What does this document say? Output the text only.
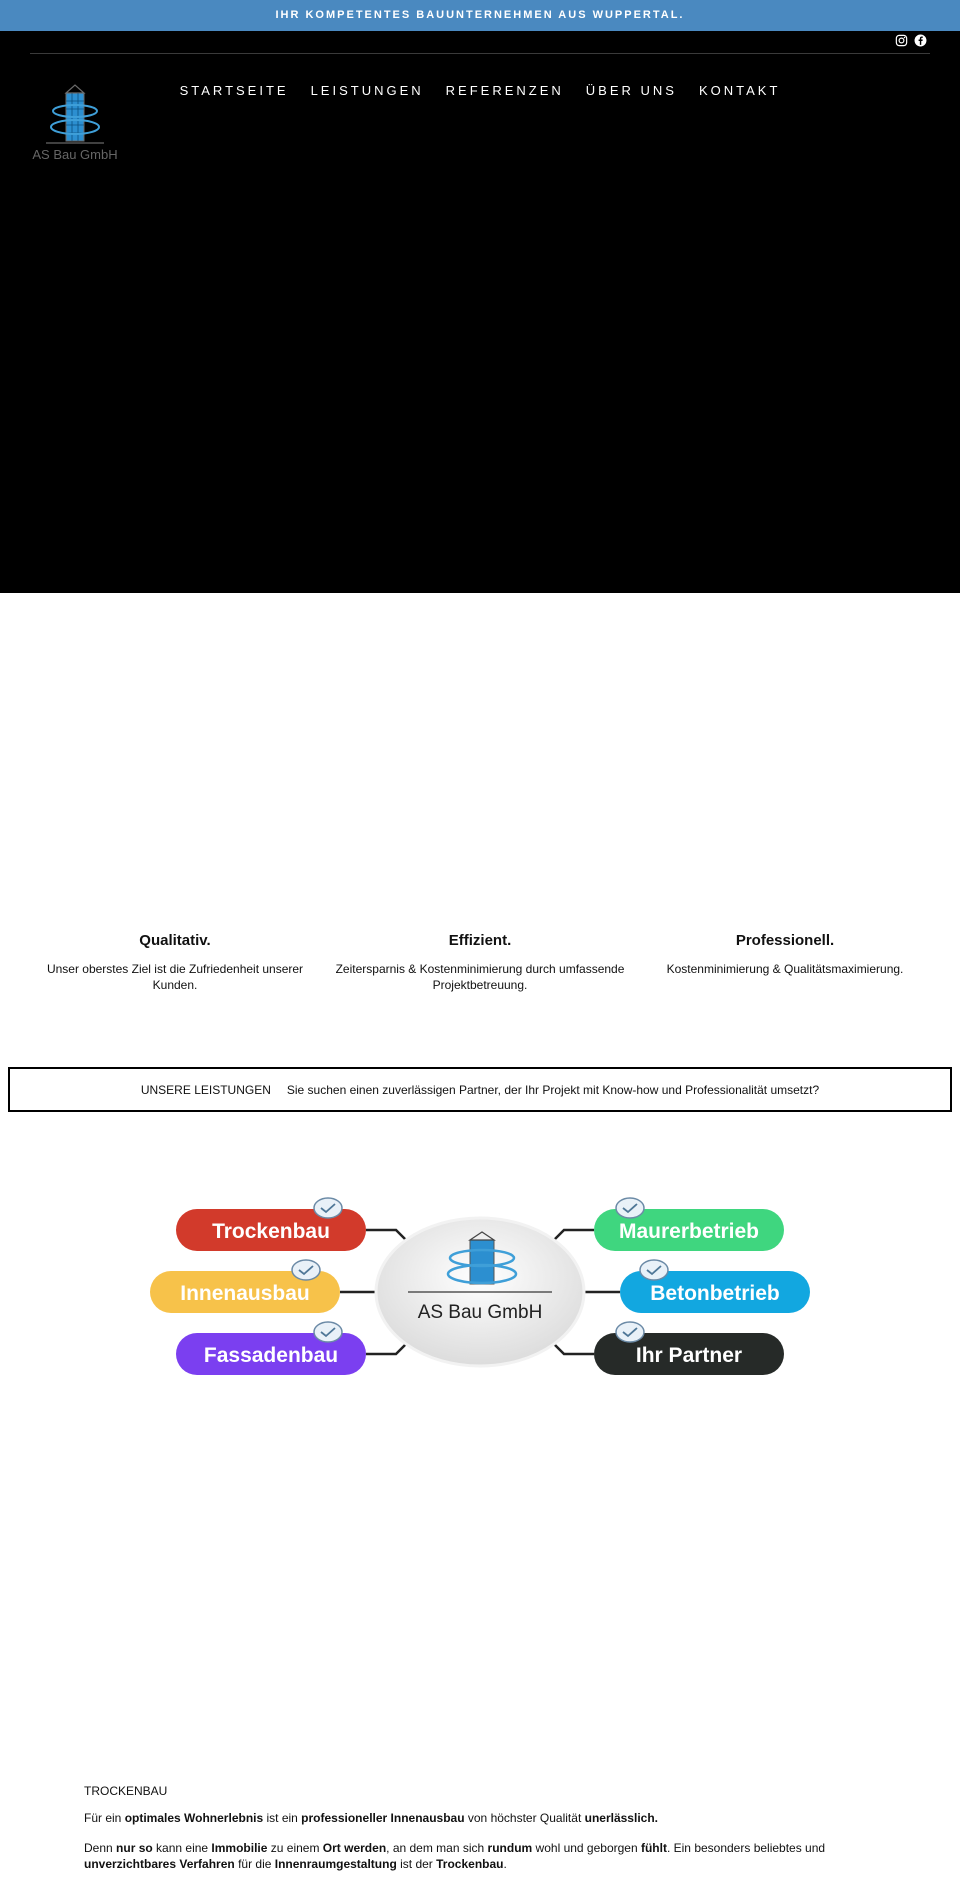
IHR KOMPETENTES BAUUNTERNEHMEN AUS WUPPERTAL.
AS Bau GmbH
STARTSEITE	LEISTUNGEN	REFERENZEN	ÜBER UNS	KONTAKT
Qualitativ.

Unser oberstes Ziel ist die Zufriedenheit unserer Kunden.

Effizient.

Zeitersparnis & Kostenminimierung durch umfassende Projektbetreuung.

Professionell.

Kostenminimierung & Qualitätsmaximierung.

UNSERE LEISTUNGEN Sie suchen einen zuverlässigen Partner, der Ihr Projekt mit Know-how und Professionalität umsetzt?
AS Bau GmbH
Trockenbau
Innenausbau
Fassadenbau
Maurerbetrieb
Betonbetrieb
Ihr Partner
TROCKENBAU

Für ein optimales Wohnerlebnis ist ein professioneller Innenausbau von höchster Qualität unerlässlich.

Denn nur so kann eine Immobilie zu einem Ort werden, an dem man sich rundum wohl und geborgen fühlt. Ein besonders beliebtes und unverzichtbares Verfahren für die Innenraumgestaltung ist der Trockenbau.
